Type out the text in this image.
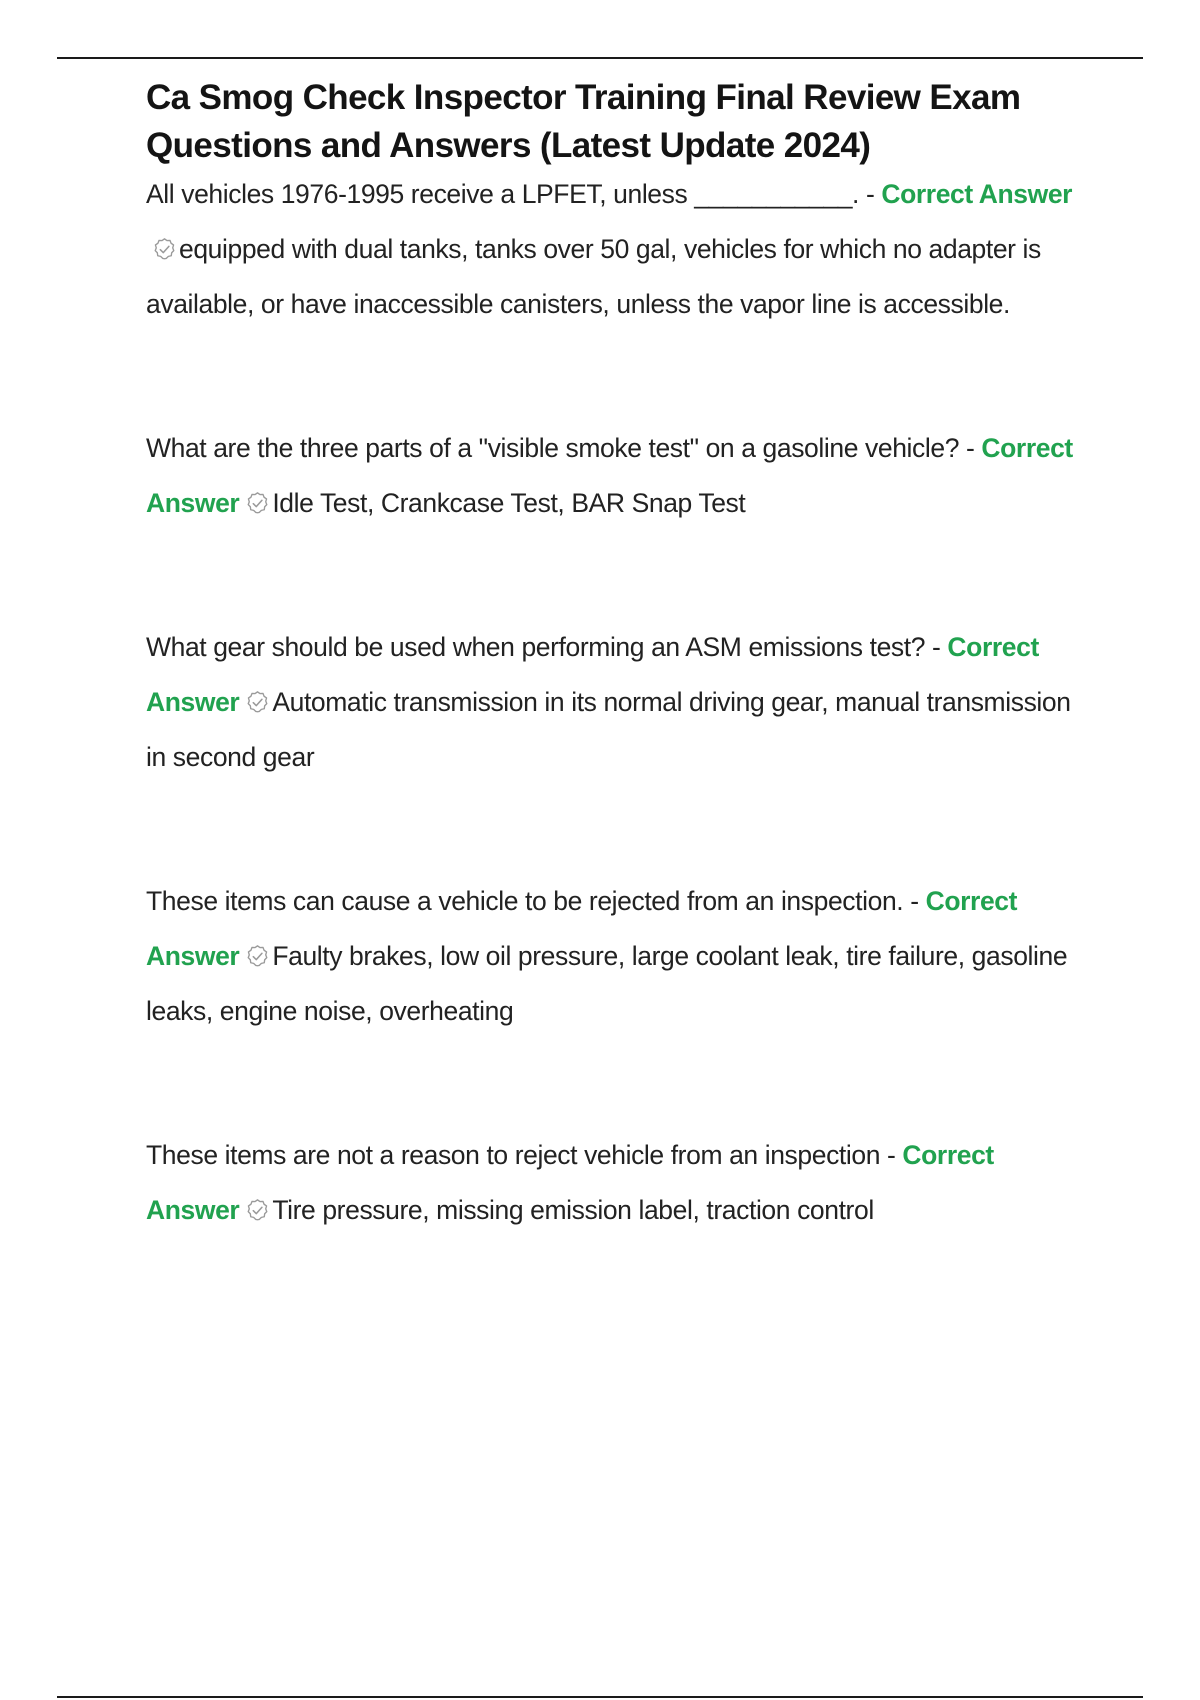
Ca Smog Check Inspector Training Final Review Exam Questions and Answers (Latest Update 2024)

All vehicles 1976-1995 receive a LPFET, unless ___________. - Correct Answer
equipped with dual tanks, tanks over 50 gal, vehicles for which no adapter is available, or have inaccessible canisters, unless the vapor line is accessible.

What are the three parts of a "visible smoke test" on a gasoline vehicle? - Correct Answer Idle Test, Crankcase Test, BAR Snap Test

What gear should be used when performing an ASM emissions test? - Correct Answer Automatic transmission in its normal driving gear, manual transmission in second gear

These items can cause a vehicle to be rejected from an inspection. - Correct Answer Faulty brakes, low oil pressure, large coolant leak, tire failure, gasoline leaks, engine noise, overheating

These items are not a reason to reject vehicle from an inspection - Correct Answer Tire pressure, missing emission label, traction control
